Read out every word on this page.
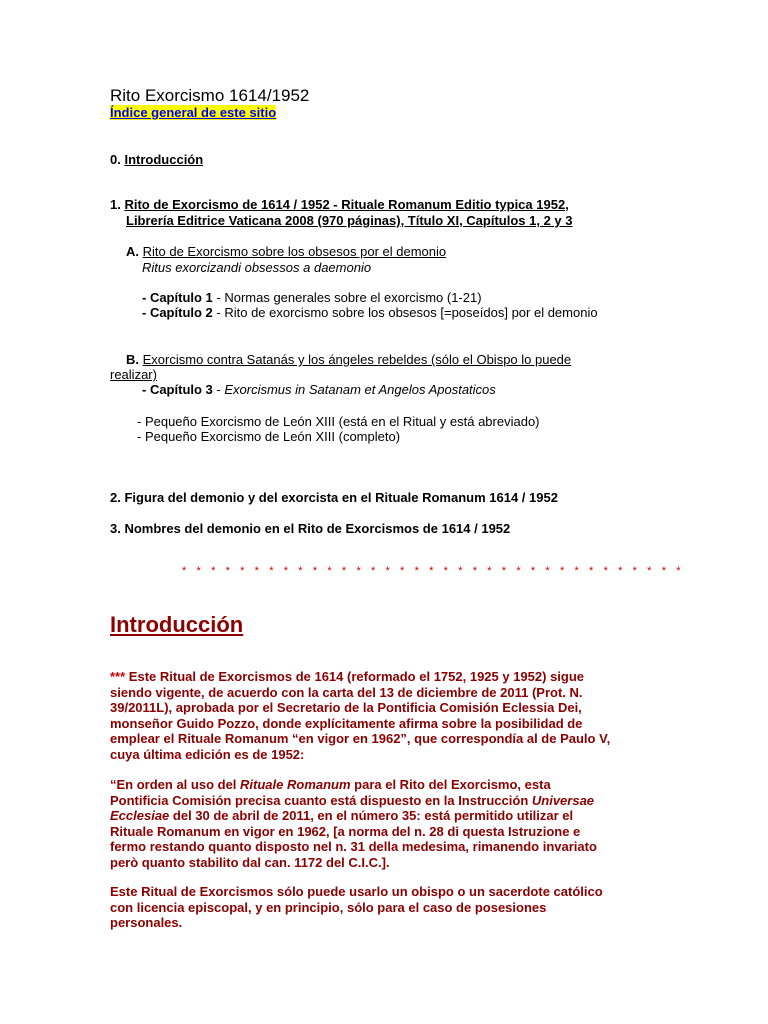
Rito Exorcismo 1614/1952
Índice general de este sitio
0. Introducción
1. Rito de Exorcismo de 1614 / 1952 - Rituale Romanum Editio typica 1952,
Librería Editrice Vaticana 2008 (970 páginas), Título XI, Capítulos 1, 2 y 3
A. Rito de Exorcismo sobre los obsesos por el demonio
Ritus exorcizandi obsessos a daemonio
- Capítulo 1 - Normas generales sobre el exorcismo (1-21)
- Capítulo 2 - Rito de exorcismo sobre los obsesos [=poseídos] por el demonio
B. Exorcismo contra Satanás y los ángeles rebeldes (sólo el Obispo lo puede
realizar)
- Capítulo 3 - Exorcismus in Satanam et Angelos Apostaticos
- Pequeño Exorcismo de León XIII (está en el Ritual y está abreviado)
- Pequeño Exorcismo de León XIII (completo)
2. Figura del demonio y del exorcista en el Rituale Romanum 1614 / 1952
3. Nombres del demonio en el Rito de Exorcismos de 1614 / 1952
* * * * * * * * * * * * * * * * * * * * * * * * * * * * * * * * * * *
Introducción
*** Este Ritual de Exorcismos de 1614 (reformado el 1752, 1925 y 1952) sigue
siendo vigente, de acuerdo con la carta del 13 de diciembre de 2011 (Prot. N.
39/2011L), aprobada por el Secretario de la Pontificia Comisión Eclessia Dei,
monseñor Guido Pozzo, donde explícitamente afirma sobre la posibilidad de
emplear el Rituale Romanum “en vigor en 1962”, que correspondía al de Paulo V,
cuya última edición es de 1952:
“En orden al uso del Rituale Romanum para el Rito del Exorcismo, esta
Pontificia Comisión precisa cuanto está dispuesto en la Instrucción Universae
Ecclesiae del 30 de abril de 2011, en el número 35: está permitido utilizar el
Rituale Romanum en vigor en 1962, [a norma del n. 28 di questa Istruzione e
fermo restando quanto disposto nel n. 31 della medesima, rimanendo invariato
però quanto stabilito dal can. 1172 del C.I.C.].
Este Ritual de Exorcismos sólo puede usarlo un obispo o un sacerdote católico
con licencia episcopal, y en principio, sólo para el caso de posesiones
personales.
